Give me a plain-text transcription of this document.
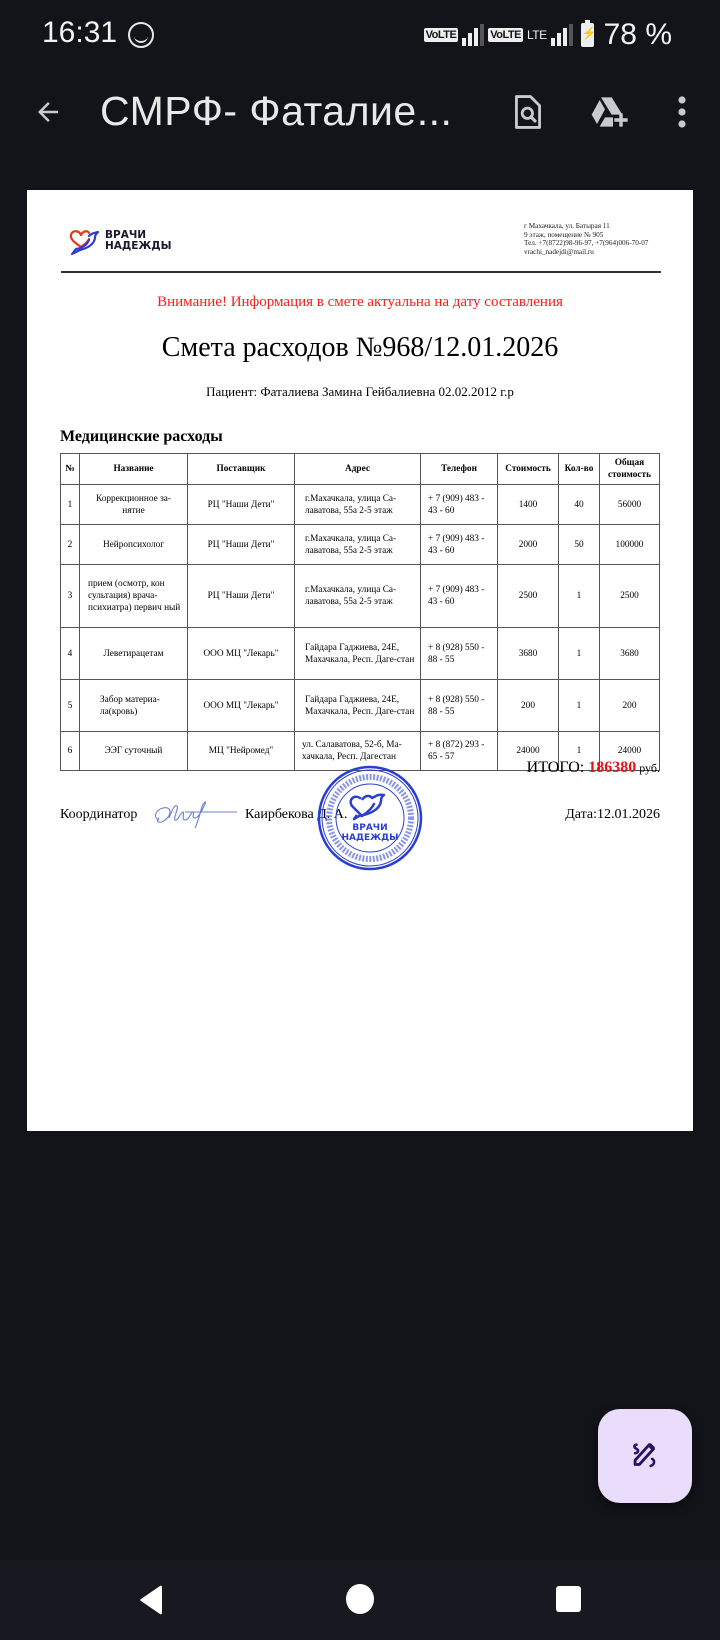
16:31	VoLTE	VoLTE LTE ⚡ 78 %
СМРФ- Фаталие...
ВРАЧИ
НАДЕЖДЫ
г Махачкала, ул. Батырая 11
9 этаж, помещение № 905
Тел. +7(8722)98-96-97, +7(964)006-70-07
vrachi_nadejdi@mail.ru
Внимание! Информация в смете актуальна на дату составления
Смета расходов №968/12.01.2026
Пациент: Фаталиева Замина Гейбалиевна 02.02.2012 г.р
Медицинские расходы
№	Название	Поставщик	Адрес	Телефон	Стоимость	Кол-во	Общая стоимость
1	Коррекционное за-нятие	РЦ "Наши Дети"	г.Махачкала, улица Са-лаватова, 55а 2-5 этаж	+ 7 (909) 483 - 43 - 60	1400	40	56000
2	Нейропсихолог	РЦ "Наши Дети"	г.Махачкала, улица Са-лаватова, 55а 2-5 этаж	+ 7 (909) 483 - 43 - 60	2000	50	100000
3	прием (осмотр, кон сультация) врача-психиатра) первич ный	РЦ "Наши Дети"	г.Махачкала, улица Са-лаватова, 55а 2-5 этаж	+ 7 (909) 483 - 43 - 60	2500	1	2500
4	Леветирацетам	ООО МЦ "Лекарь"	Гайдара Гаджиева, 24Е, Махачкала, Респ. Даге-стан	+ 8 (928) 550 - 88 - 55	3680	1	3680
5	Забор материа-ла(кровь)	ООО МЦ "Лекарь"	Гайдара Гаджиева, 24Е, Махачкала, Респ. Даге-стан	+ 8 (928) 550 - 88 - 55	200	1	200
6	ЭЭГ суточный	МЦ "Нейромед"	ул. Салаватова, 52-б, Ма-хачкала, Респ. Дагестан	+ 8 (872) 293 - 65 - 57	24000	1	24000
ИТОГО: 186380 руб.
Координатор	Каирбекова Д. А.
ВРАЧИ
НАДЕЖДЫ
Дата:12.01.2026
